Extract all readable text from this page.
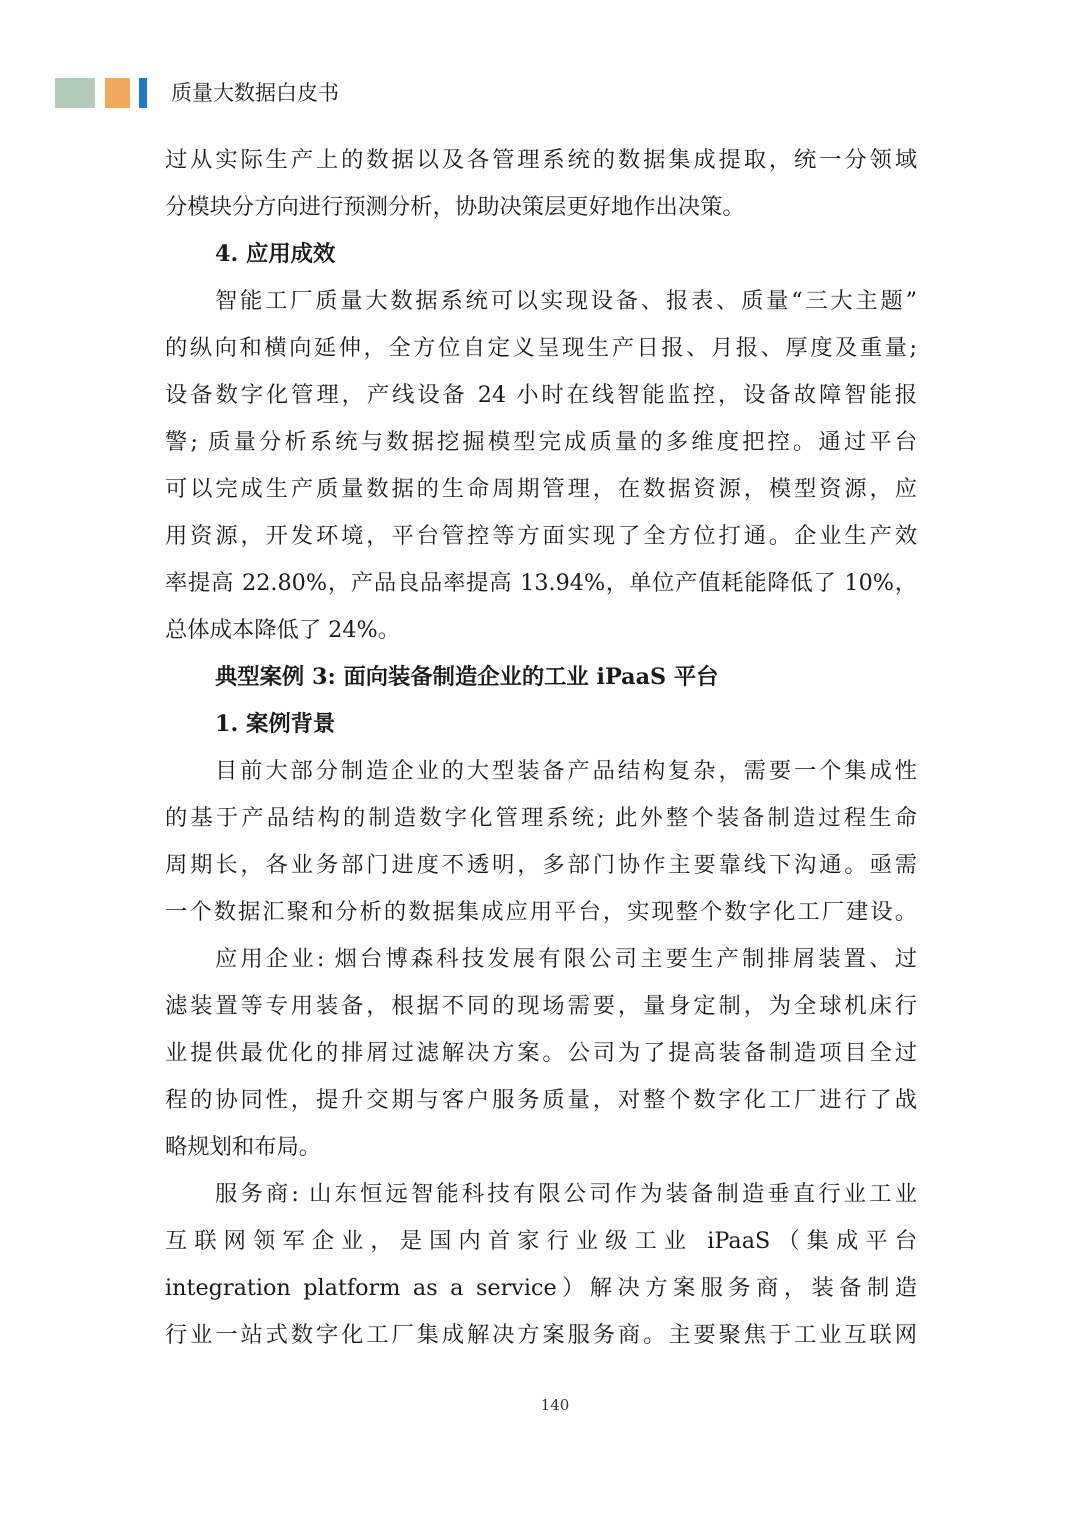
质量大数据白皮书
过从实际生产上的数据以及各管理系统的数据集成提取，统一分领域
分模块分方向进行预测分析，协助决策层更好地作出决策。
4. 应用成效
智能工厂质量大数据系统可以实现设备、报表、质量“三大主题”
的纵向和横向延伸，全方位自定义呈现生产日报、月报、厚度及重量;
设备数字化管理，产线设备 24 小时在线智能监控，设备故障智能报
警; 质量分析系统与数据挖掘模型完成质量的多维度把控。通过平台
可以完成生产质量数据的生命周期管理，在数据资源，模型资源，应
用资源，开发环境，平台管控等方面实现了全方位打通。企业生产效
率提高 22.80%，产品良品率提高 13.94%，单位产值耗能降低了 10%，
总体成本降低了 24%。
典型案例 3: 面向装备制造企业的工业 iPaaS 平台
1. 案例背景
目前大部分制造企业的大型装备产品结构复杂，需要一个集成性
的基于产品结构的制造数字化管理系统; 此外整个装备制造过程生命
周期长，各业务部门进度不透明，多部门协作主要靠线下沟通。亟需
一个数据汇聚和分析的数据集成应用平台，实现整个数字化工厂建设。
应用企业: 烟台博森科技发展有限公司主要生产制排屑装置、过
滤装置等专用装备，根据不同的现场需要，量身定制，为全球机床行
业提供最优化的排屑过滤解决方案。公司为了提高装备制造项目全过
程的协同性，提升交期与客户服务质量，对整个数字化工厂进行了战
略规划和布局。
服务商: 山东恒远智能科技有限公司作为装备制造垂直行业工业
互联网领军企业，是国内首家行业级工业 iPaaS（集成平台
integration platform as a service）解决方案服务商，装备制造
行业一站式数字化工厂集成解决方案服务商。主要聚焦于工业互联网
140
